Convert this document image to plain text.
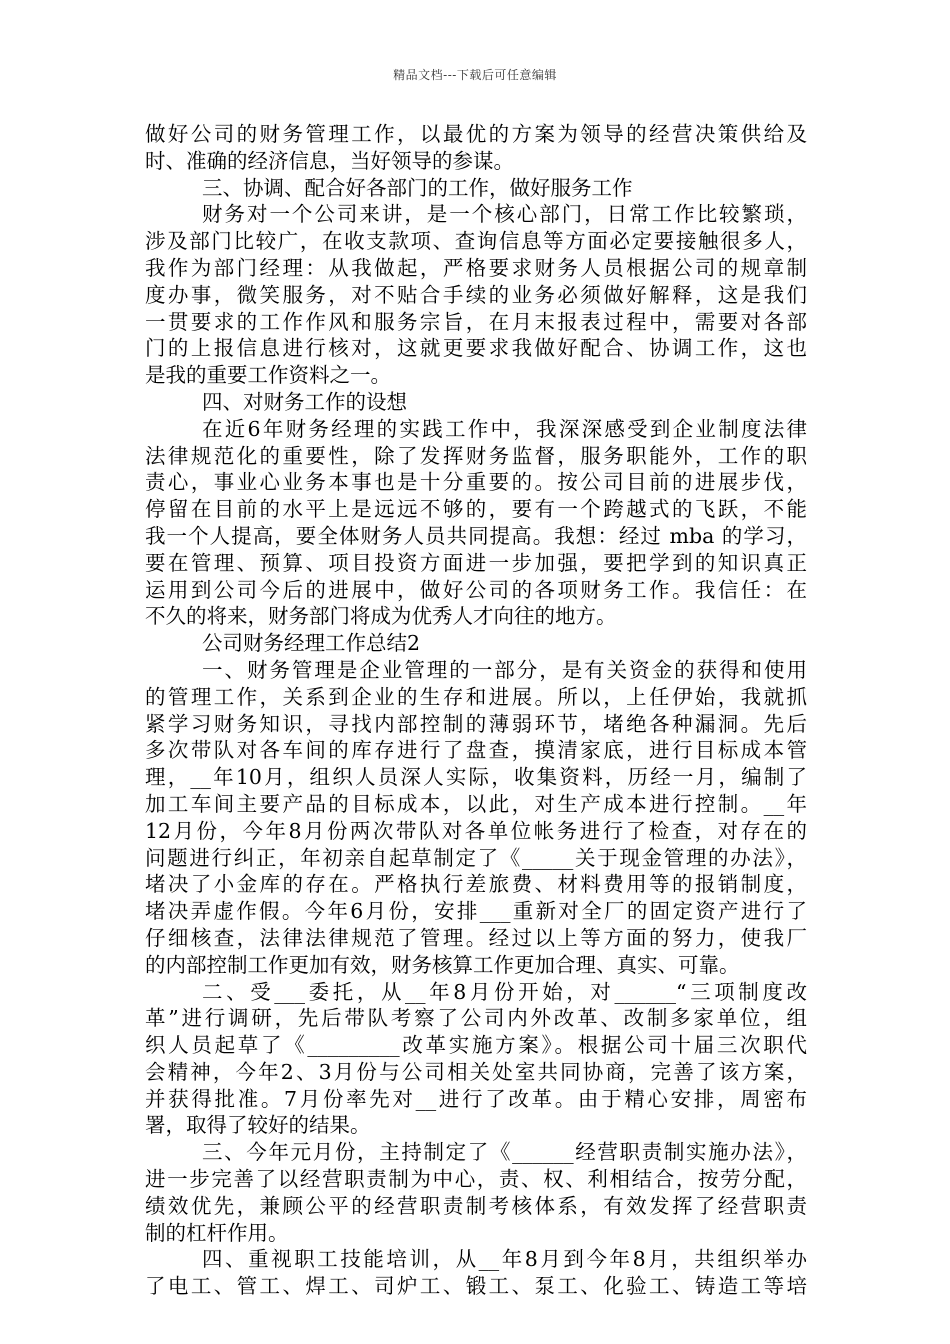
精品文档---下载后可任意编辑
做好公司的财务管理工作，以最优的方案为领导的经营决策供给及
时、准确的经济信息，当好领导的参谋。
三、协调、配合好各部门的工作，做好服务工作
财务对一个公司来讲，是一个核心部门，日常工作比较繁琐，
涉及部门比较广，在收支款项、查询信息等方面必定要接触很多人，
我作为部门经理：从我做起，严格要求财务人员根据公司的规章制
度办事，微笑服务，对不贴合手续的业务必须做好解释，这是我们
一贯要求的工作作风和服务宗旨，在月末报表过程中，需要对各部
门的上报信息进行核对，这就更要求我做好配合、协调工作，这也
是我的重要工作资料之一。
四、对财务工作的设想
在近6年财务经理的实践工作中，我深深感受到企业制度法律
法律规范化的重要性，除了发挥财务监督，服务职能外，工作的职
责心，事业心业务本事也是十分重要的。按公司目前的进展步伐，
停留在目前的水平上是远远不够的，要有一个跨越式的飞跃，不能
我一个人提高，要全体财务人员共同提高。我想：经过 mba 的学习，
要在管理、预算、项目投资方面进一步加强，要把学到的知识真正
运用到公司今后的进展中，做好公司的各项财务工作。我信任：在
不久的将来，财务部门将成为优秀人才向往的地方。
公司财务经理工作总结2
一、财务管理是企业管理的一部分，是有关资金的获得和使用
的管理工作，关系到企业的生存和进展。所以，上任伊始，我就抓
紧学习财务知识，寻找内部控制的薄弱环节，堵绝各种漏洞。先后
多次带队对各车间的库存进行了盘查，摸清家底，进行目标成本管
理，__年10月，组织人员深人实际，收集资料，历经一月，编制了
加工车间主要产品的目标成本，以此，对生产成本进行控制。__年
12月份，今年8月份两次带队对各单位帐务进行了检查，对存在的
问题进行纠正，年初亲自起草制定了《_____关于现金管理的办法》，
堵决了小金库的存在。严格执行差旅费、材料费用等的报销制度，
堵决弄虚作假。今年6月份，安排___重新对全厂的固定资产进行了
仔细核查，法律法律规范了管理。经过以上等方面的努力，使我厂
的内部控制工作更加有效，财务核算工作更加合理、真实、可靠。
二、受___委托，从__年8月份开始，对______“三项制度改
革”进行调研，先后带队考察了公司内外改革、改制多家单位，组
织人员起草了《_________改革实施方案》。根据公司十届三次职代
会精神，今年2、3月份与公司相关处室共同协商，完善了该方案，
并获得批准。7月份率先对__进行了改革。由于精心安排，周密布
署，取得了较好的结果。
三、今年元月份，主持制定了《______经营职责制实施办法》，
进一步完善了以经营职责制为中心，责、权、利相结合，按劳分配，
绩效优先，兼顾公平的经营职责制考核体系，有效发挥了经营职责
制的杠杆作用。
四、重视职工技能培训，从__年8月到今年8月，共组织举办
了电工、管工、焊工、司炉工、锻工、泵工、化验工、铸造工等培
